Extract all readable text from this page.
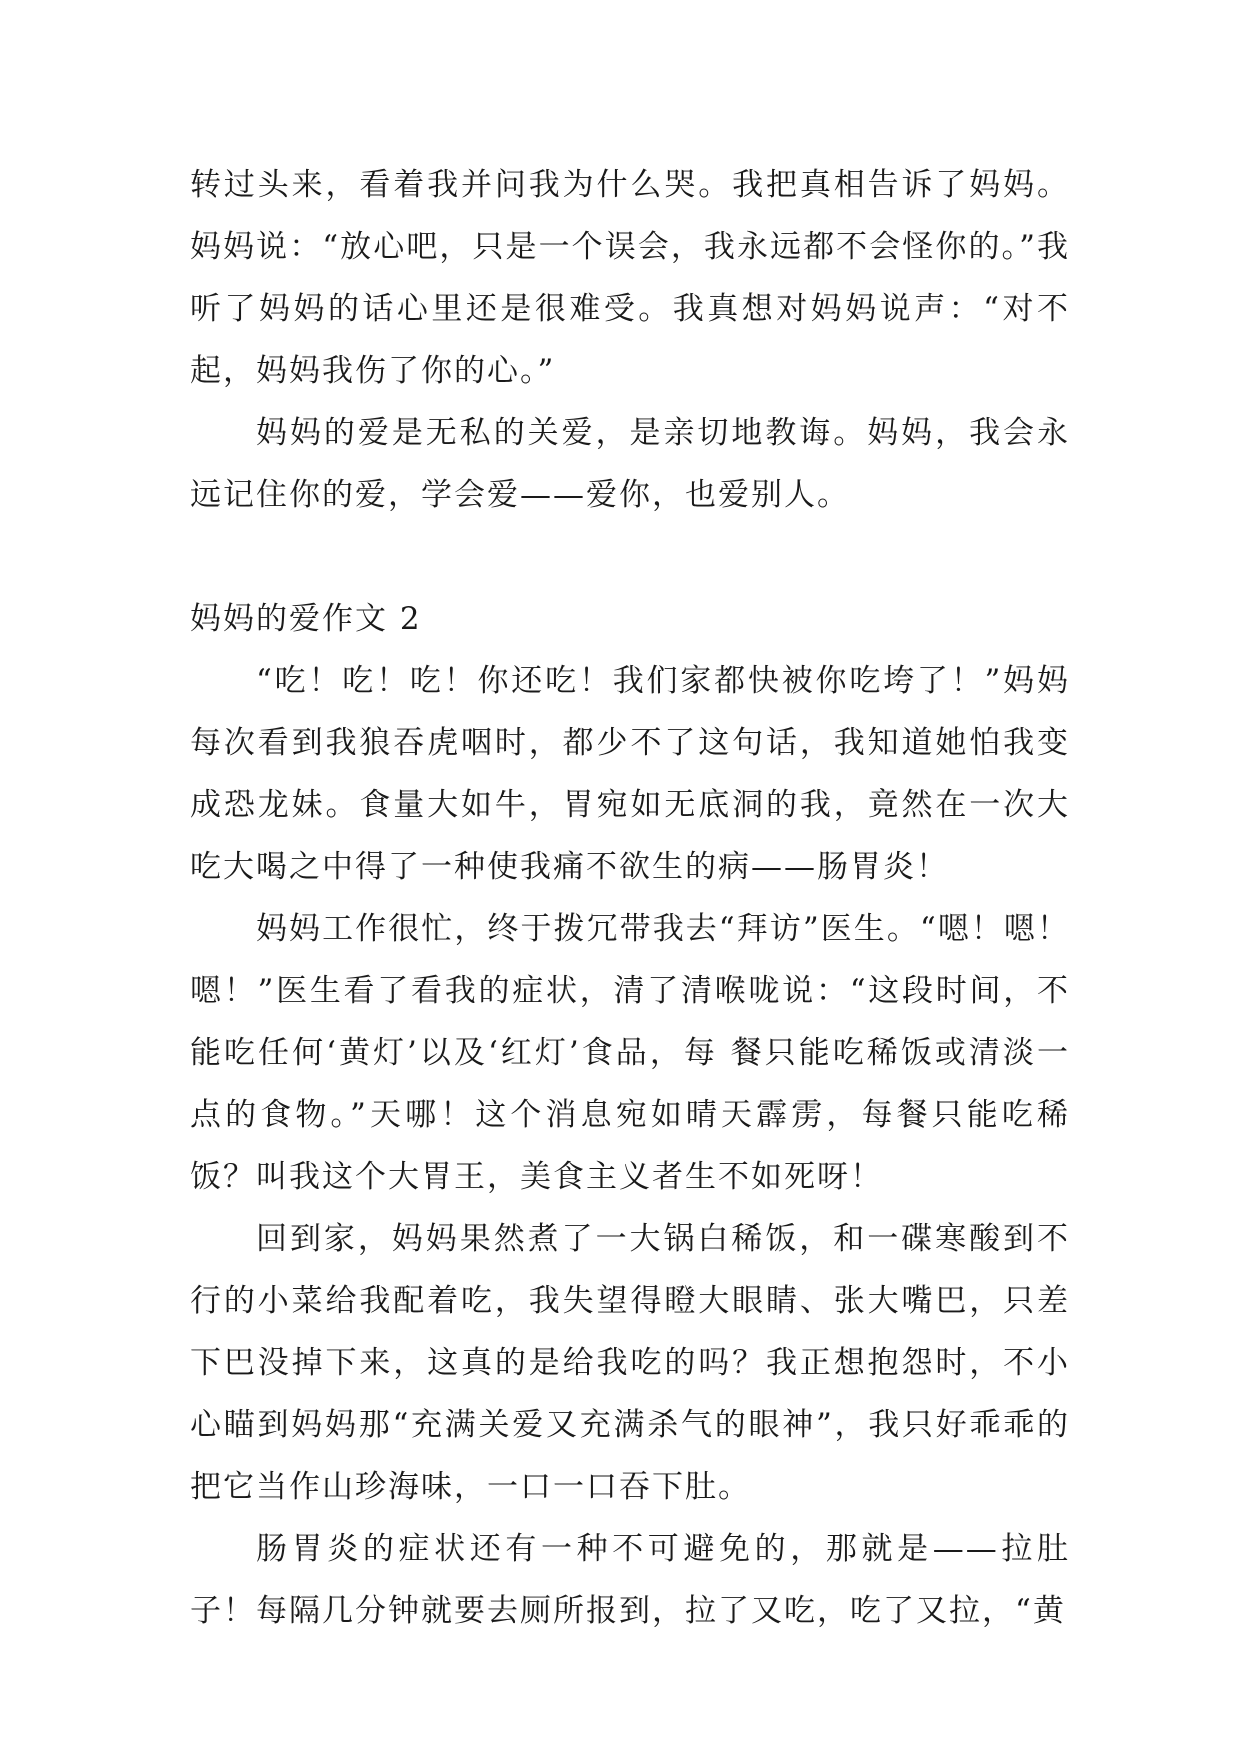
转过头来，看着我并问我为什么哭。我把真相告诉了妈妈。妈妈说：“放心吧，只是一个误会，我永远都不会怪你的。”我听了妈妈的话心里还是很难受。我真想对妈妈说声：“对不起，妈妈我伤了你的心。”

妈妈的爱是无私的关爱，是亲切地教诲。妈妈，我会永远记住你的爱，学会爱——爱你，也爱别人。

妈妈的爱作文 2

“吃！吃！吃！你还吃！我们家都快被你吃垮了！”妈妈每次看到我狼吞虎咽时，都少不了这句话，我知道她怕我变成恐龙妹。食量大如牛，胃宛如无底洞的我，竟然在一次大吃大喝之中得了一种使我痛不欲生的病——肠胃炎！

妈妈工作很忙，终于拨冗带我去“拜访”医生。“嗯！嗯！嗯！”医生看了看我的症状，清了清喉咙说：“这段时间，不能吃任何‘黄灯’以及‘红灯’食品，每 餐只能吃稀饭或清淡一点的食物。”天哪！这个消息宛如晴天霹雳，每餐只能吃稀饭？叫我这个大胃王，美食主义者生不如死呀！

回到家，妈妈果然煮了一大锅白稀饭，和一碟寒酸到不行的小菜给我配着吃，我失望得瞪大眼睛、张大嘴巴，只差下巴没掉下来，这真的是给我吃的吗？我正想抱怨时，不小心瞄到妈妈那“充满关爱又充满杀气的眼神”，我只好乖乖的把它当作山珍海味，一口一口吞下肚。

肠胃炎的症状还有一种不可避免的，那就是——拉肚子！每隔几分钟就要去厕所报到，拉了又吃，吃了又拉，“黄
